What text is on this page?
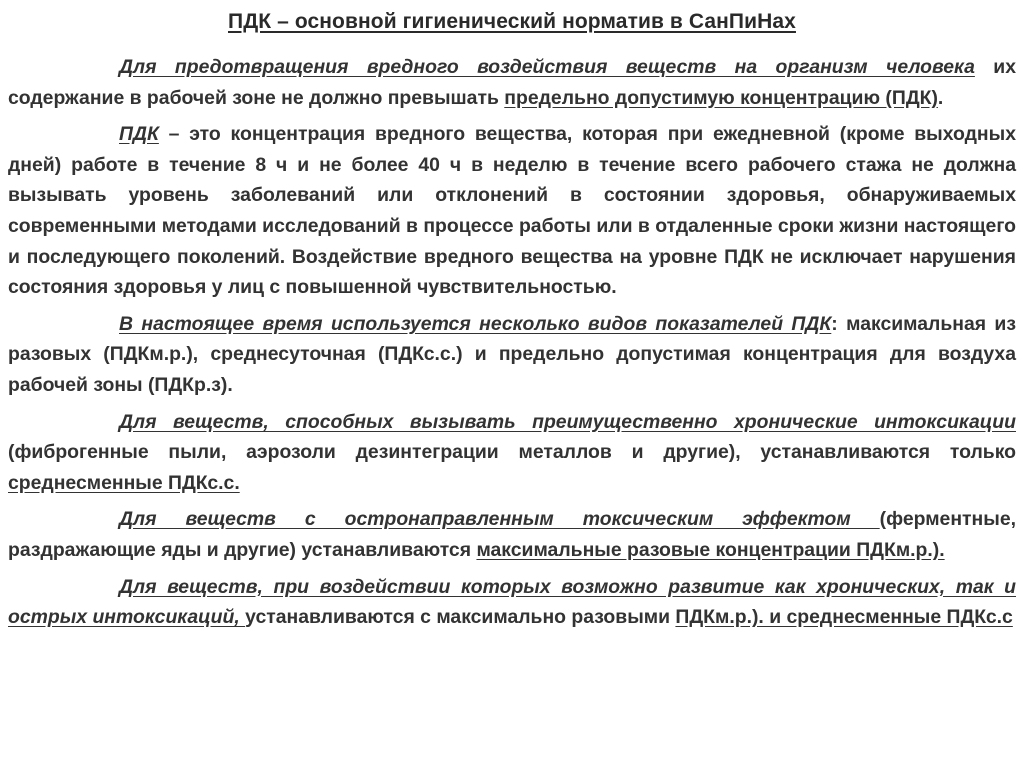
ПДК – основной гигиенический норматив в СанПиНах

Для предотвращения вредного воздействия веществ на организм человека их содержание в рабочей зоне не должно превышать предельно допустимую концентрацию (ПДК).

ПДК – это концентрация вредного вещества, которая при ежедневной (кроме выходных дней) работе в течение 8 ч и не более 40 ч в неделю в течение всего рабочего стажа не должна вызывать уровень заболеваний или отклонений в состоянии здоровья, обнаруживаемых современными методами исследований в процессе работы или в отдаленные сроки жизни настоящего и последующего поколений. Воздействие вредного вещества на уровне ПДК не исключает нарушения состояния здоровья у лиц с повышенной чувствительностью.

В настоящее время используется несколько видов показателей ПДК: максимальная из разовых (ПДКм.р.), среднесуточная (ПДКс.с.) и предельно допустимая концентрация для воздуха рабочей зоны (ПДКр.з).

Для веществ, способных вызывать преимущественно хронические интоксикации (фиброгенные пыли, аэрозоли дезинтеграции металлов и другие), устанавливаются только среднесменные ПДКс.с.

Для веществ с остронаправленным токсическим эффектом (ферментные, раздражающие яды и другие) устанавливаются максимальные разовые концентрации ПДКм.р.).

Для веществ, при воздействии которых возможно развитие как хронических, так и острых интоксикаций, устанавливаются с максимально разовыми ПДКм.р.). и среднесменные ПДКс.с
